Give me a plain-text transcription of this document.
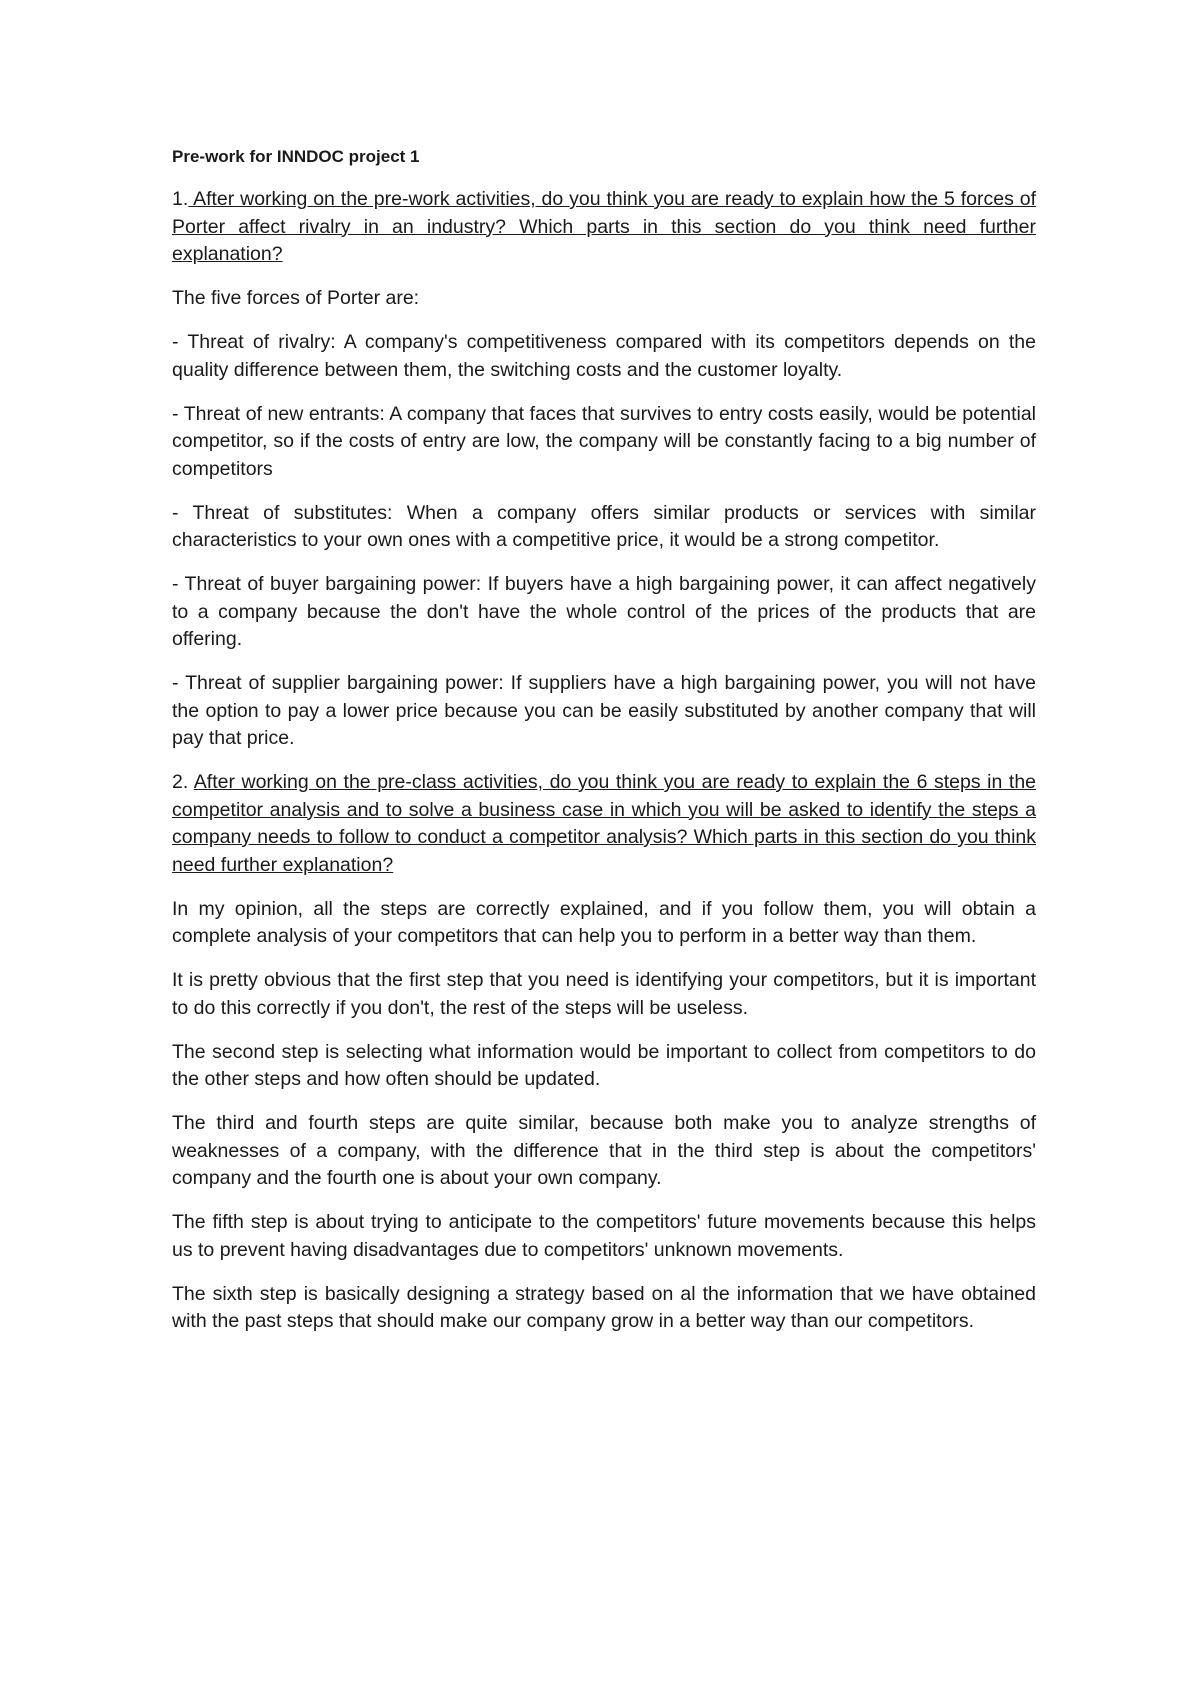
Pre-work for INNDOC project 1

1. After working on the pre-work activities, do you think you are ready to explain how the 5 forces of Porter affect rivalry in an industry? Which parts in this section do you think need further explanation?

The five forces of Porter are:

- Threat of rivalry: A company's competitiveness compared with its competitors depends on the quality difference between them, the switching costs and the customer loyalty.

- Threat of new entrants: A company that faces that survives to entry costs easily, would be potential competitor, so if the costs of entry are low, the company will be constantly facing to a big number of competitors

- Threat of substitutes: When a company offers similar products or services with similar characteristics to your own ones with a competitive price, it would be a strong competitor.

- Threat of buyer bargaining power: If buyers have a high bargaining power, it can affect negatively to a company because the don't have the whole control of the prices of the products that are offering.

- Threat of supplier bargaining power: If suppliers have a high bargaining power, you will not have the option to pay a lower price because you can be easily substituted by another company that will pay that price.

2. After working on the pre-class activities, do you think you are ready to explain the 6 steps in the competitor analysis and to solve a business case in which you will be asked to identify the steps a company needs to follow to conduct a competitor analysis? Which parts in this section do you think need further explanation?

In my opinion, all the steps are correctly explained, and if you follow them, you will obtain a complete analysis of your competitors that can help you to perform in a better way than them.

It is pretty obvious that the first step that you need is identifying your competitors, but it is important to do this correctly if you don't, the rest of the steps will be useless.

The second step is selecting what information would be important to collect from competitors to do the other steps and how often should be updated.

The third and fourth steps are quite similar, because both make you to analyze strengths of weaknesses of a company, with the difference that in the third step is about the competitors' company and the fourth one is about your own company.

The fifth step is about trying to anticipate to the competitors' future movements because this helps us to prevent having disadvantages due to competitors' unknown movements.

The sixth step is basically designing a strategy based on al the information that we have obtained with the past steps that should make our company grow in a better way than our competitors.
